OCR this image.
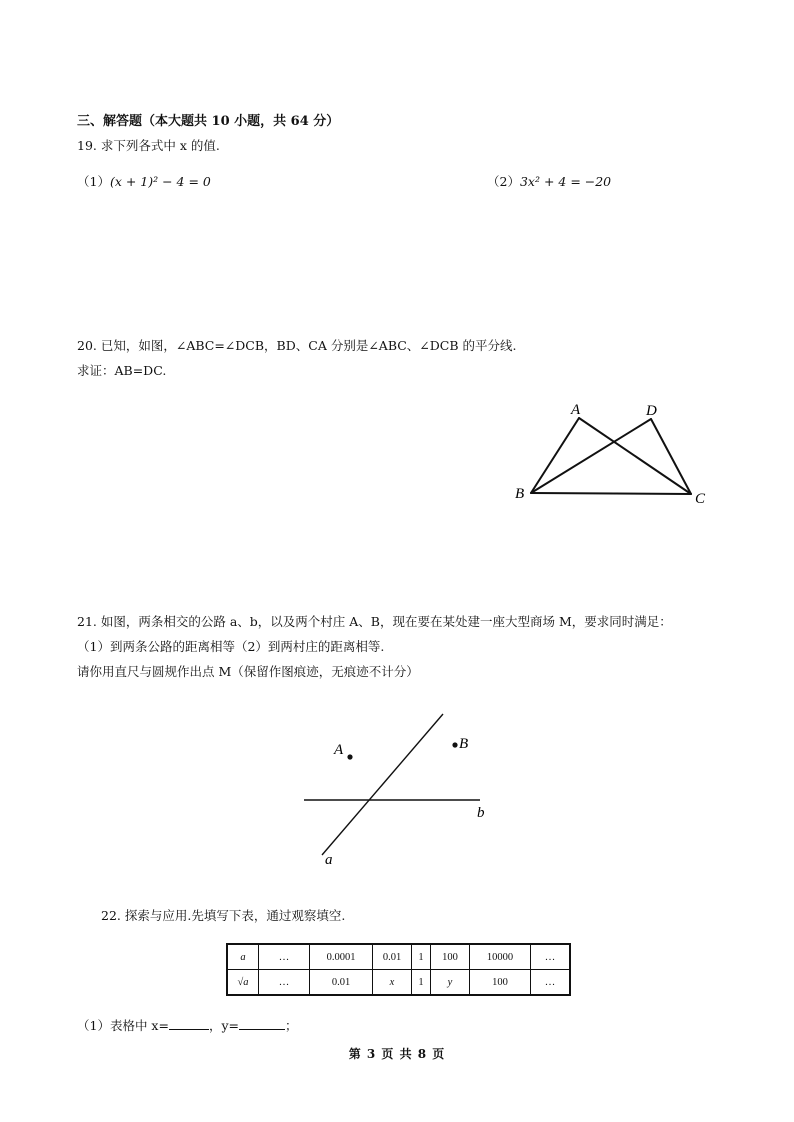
三、解答题（本大题共 10 小题，共 64 分）
19. 求下列各式中 x 的值.
（1）(x + 1)² − 4 = 0	（2）3x² + 4 = −20
20. 已知，如图，∠ABC=∠DCB，BD、CA 分别是∠ABC、∠DCB 的平分线.
求证：AB=DC.
A	D
B	C
21. 如图，两条相交的公路 a、b，以及两个村庄 A、B，现在要在某处建一座大型商场 M，要求同时满足：
（1）到两条公路的距离相等（2）到两村庄的距离相等.
请你用直尺与圆规作出点 M（保留作图痕迹，无痕迹不计分）
A	B
b
a
22. 探索与应用.先填写下表，通过观察填空.
a	…	0.0001	0.01	1	100	10000	…
√a	…	0.01	x	1	y	100	…
（1）表格中 x=	，y=	；
第 3 页 共 8 页
